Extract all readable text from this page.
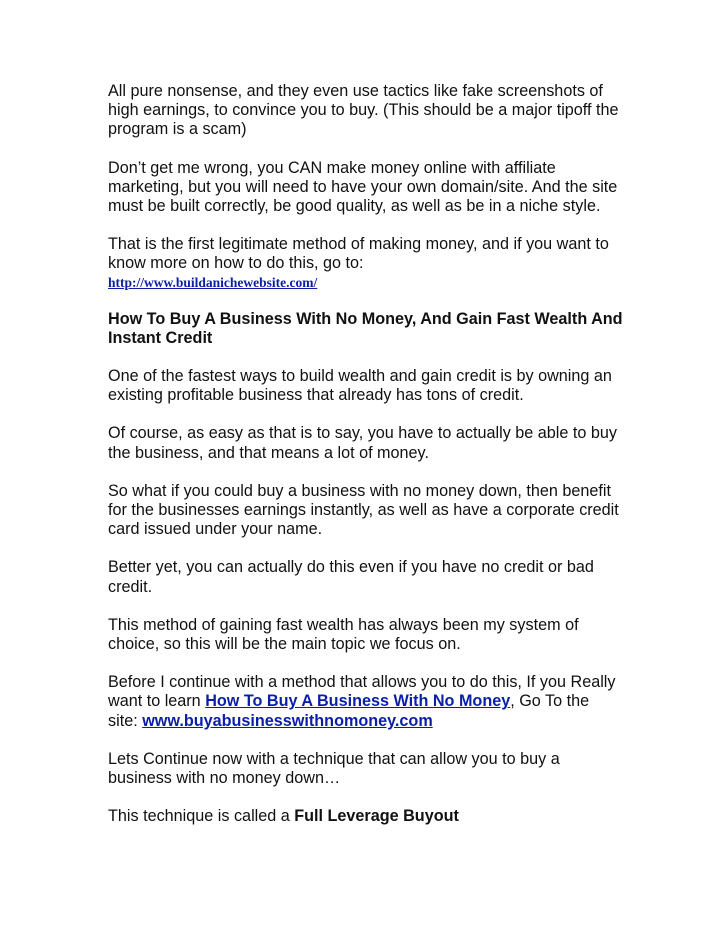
All pure nonsense, and they even use tactics like fake screenshots of high earnings, to convince you to buy. (This should be a major tipoff the program is a scam)

Don’t get me wrong, you CAN make money online with affiliate marketing, but you will need to have your own domain/site. And the site must be built correctly, be good quality, as well as be in a niche style.

That is the first legitimate method of making money, and if you want to know more on how to do this, go to:

http://www.buildanichewebsite.com/

How To Buy A Business With No Money, And Gain Fast Wealth And Instant Credit

One of the fastest ways to build wealth and gain credit is by owning an existing profitable business that already has tons of credit.

Of course, as easy as that is to say, you have to actually be able to buy the business, and that means a lot of money.

So what if you could buy a business with no money down, then benefit for the businesses earnings instantly, as well as have a corporate credit card issued under your name.

Better yet, you can actually do this even if you have no credit or bad credit.

This method of gaining fast wealth has always been my system of choice, so this will be the main topic we focus on.

Before I continue with a method that allows you to do this, If you Really want to learn How To Buy A Business With No Money, Go To the site: www.buyabusinesswithnomoney.com

Lets Continue now with a technique that can allow you to buy a business with no money down…

This technique is called a Full Leverage Buyout
